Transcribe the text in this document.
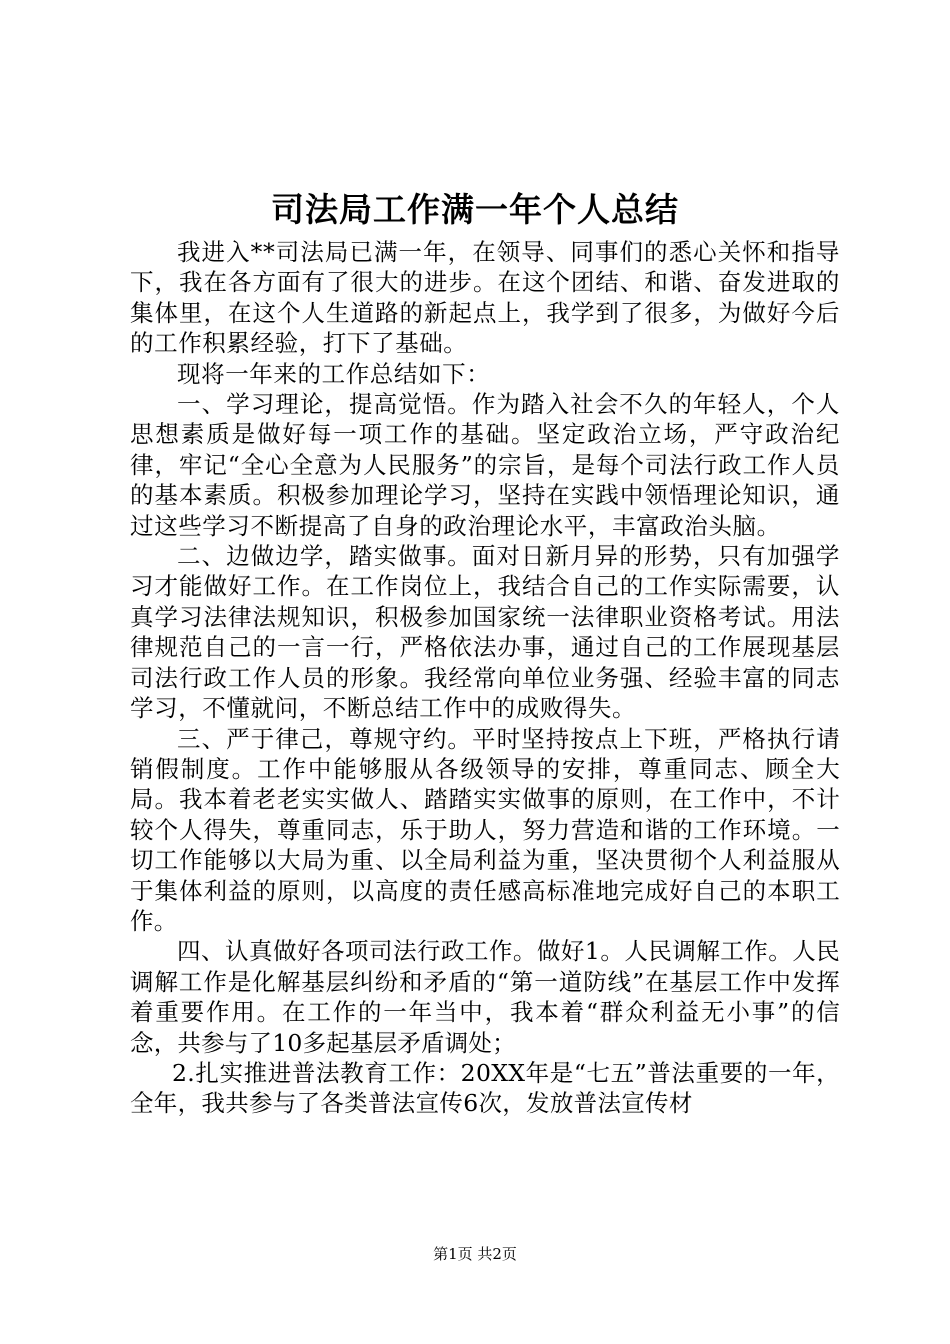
司法局工作满一年个人总结

我进入**司法局已满一年，在领导、同事们的悉心关怀和指导下，我在各方面有了很大的进步。在这个团结、和谐、奋发进取的集体里，在这个人生道路的新起点上，我学到了很多，为做好今后的工作积累经验，打下了基础。

现将一年来的工作总结如下：

一、学习理论，提高觉悟。作为踏入社会不久的年轻人，个人思想素质是做好每一项工作的基础。坚定政治立场，严守政治纪律，牢记“全心全意为人民服务”的宗旨，是每个司法行政工作人员的基本素质。积极参加理论学习，坚持在实践中领悟理论知识，通过这些学习不断提高了自身的政治理论水平，丰富政治头脑。

二、边做边学，踏实做事。面对日新月异的形势，只有加强学习才能做好工作。在工作岗位上，我结合自己的工作实际需要，认真学习法律法规知识，积极参加国家统一法律职业资格考试。用法律规范自己的一言一行，严格依法办事，通过自己的工作展现基层司法行政工作人员的形象。我经常向单位业务强、经验丰富的同志学习，不懂就问，不断总结工作中的成败得失。

三、严于律己，尊规守约。平时坚持按点上下班，严格执行请销假制度。工作中能够服从各级领导的安排，尊重同志、顾全大局。我本着老老实实做人、踏踏实实做事的原则，在工作中，不计较个人得失，尊重同志，乐于助人，努力营造和谐的工作环境。一切工作能够以大局为重、以全局利益为重，坚决贯彻个人利益服从于集体利益的原则，以高度的责任感高标准地完成好自己的本职工作。

四、认真做好各项司法行政工作。做好1。人民调解工作。人民调解工作是化解基层纠纷和矛盾的“第一道防线”在基层工作中发挥着重要作用。在工作的一年当中，我本着“群众利益无小事”的信念，共参与了10多起基层矛盾调处；

2.扎实推进普法教育工作：20XX年是“七五”普法重要的一年，全年，我共参与了各类普法宣传6次，发放普法宣传材

第1页 共2页
